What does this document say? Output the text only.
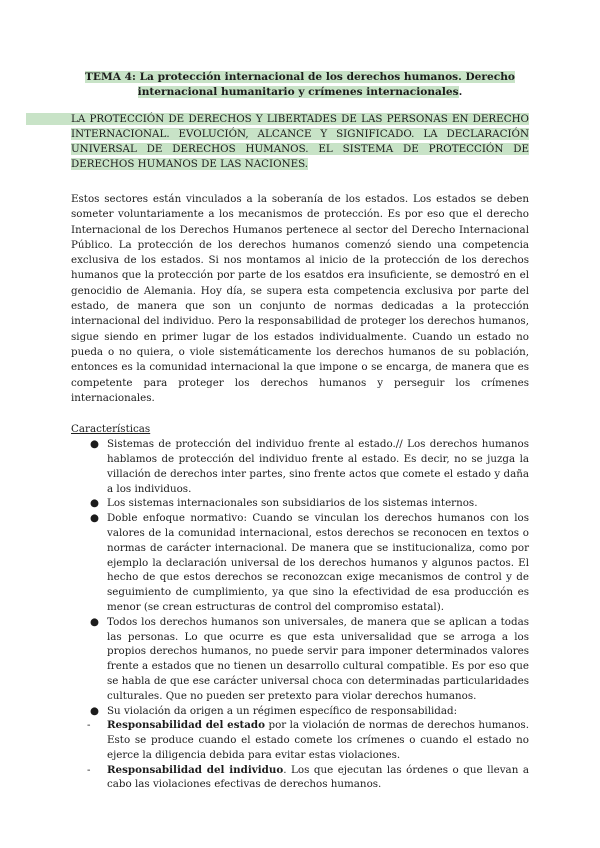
TEMA 4: La protección internacional de los derechos humanos. Derecho internacional humanitario y crímenes internacionales.

LA PROTECCIÓN DE DERECHOS Y LIBERTADES DE LAS PERSONAS EN DERECHO INTERNACIONAL. EVOLUCIÓN, ALCANCE Y SIGNIFICADO. LA DECLARACIÓN UNIVERSAL DE DERECHOS HUMANOS. EL SISTEMA DE PROTECCIÓN DE DERECHOS HUMANOS DE LAS NACIONES.

Estos sectores están vinculados a la soberanía de los estados. Los estados se deben someter voluntariamente a los mecanismos de protección. Es por eso que el derecho Internacional de los Derechos Humanos pertenece al sector del Derecho Internacional Público. La protección de los derechos humanos comenzó siendo una competencia exclusiva de los estados. Si nos montamos al inicio de la protección de los derechos humanos que la protección por parte de los esatdos era insuficiente, se demostró en el genocidio de Alemania. Hoy día, se supera esta competencia exclusiva por parte del estado, de manera que son un conjunto de normas dedicadas a la protección internacional del individuo. Pero la responsabilidad de proteger los derechos humanos, sigue siendo en primer lugar de los estados individualmente. Cuando un estado no pueda o no quiera, o viole sistemáticamente los derechos humanos de su población, entonces es la comunidad internacional la que impone o se encarga, de manera que es competente para proteger los derechos humanos y perseguir los crímenes internacionales.

Características

● Sistemas de protección del individuo frente al estado.// Los derechos humanos hablamos de protección del individuo frente al estado. Es decir, no se juzga la villación de derechos inter partes, sino frente actos que comete el estado y daña a los individuos.
● Los sistemas internacionales son subsidiarios de los sistemas internos.
● Doble enfoque normativo: Cuando se vinculan los derechos humanos con los valores de la comunidad internacional, estos derechos se reconocen en textos o normas de carácter internacional. De manera que se institucionaliza, como por ejemplo la declaración universal de los derechos humanos y algunos pactos. El hecho de que estos derechos se reconozcan exige mecanismos de control y de seguimiento de cumplimiento, ya que sino la efectividad de esa producción es menor (se crean estructuras de control del compromiso estatal).
● Todos los derechos humanos son universales, de manera que se aplican a todas las personas. Lo que ocurre es que esta universalidad que se arroga a los propios derechos humanos, no puede servir para imponer determinados valores frente a estados que no tienen un desarrollo cultural compatible. Es por eso que se habla de que ese carácter universal choca con determinadas particularidades culturales. Que no pueden ser pretexto para violar derechos humanos.
● Su violación da origen a un régimen específico de responsabilidad:
- Responsabilidad del estado por la violación de normas de derechos humanos. Esto se produce cuando el estado comete los crímenes o cuando el estado no ejerce la diligencia debida para evitar estas violaciones.
- Responsabilidad del individuo. Los que ejecutan las órdenes o que llevan a cabo las violaciones efectivas de derechos humanos.
